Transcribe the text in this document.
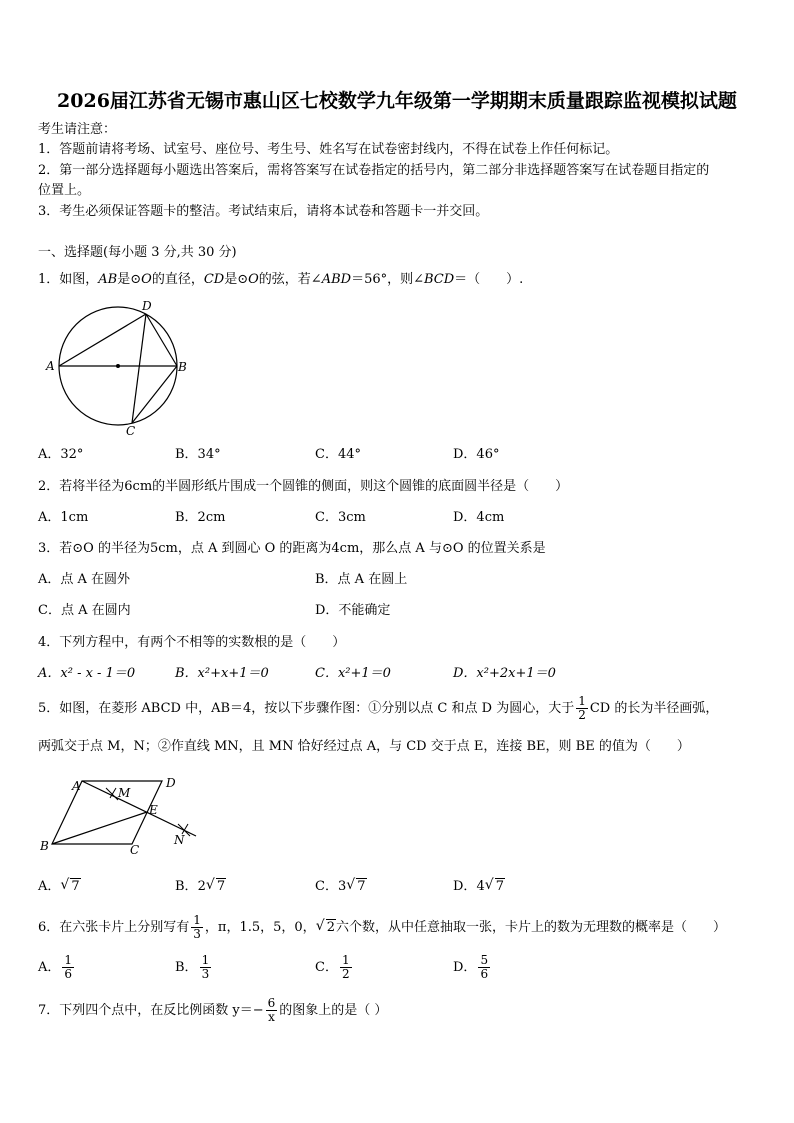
2026届江苏省无锡市惠山区七校数学九年级第一学期期末质量跟踪监视模拟试题
考生请注意：
1．答题前请将考场、试室号、座位号、考生号、姓名写在试卷密封线内，不得在试卷上作任何标记。
2．第一部分选择题每小题选出答案后，需将答案写在试卷指定的括号内，第二部分非选择题答案写在试卷题目指定的
位置上。
3．考生必须保证答题卡的整洁。考试结束后，请将本试卷和答题卡一并交回。
一、选择题(每小题 3 分,共 30 分)
1．如图，AB是⊙O的直径，CD是⊙O的弦，若∠ABD＝56°，则∠BCD＝（　　）.
A	B
C
D
A．32°	B．34°	C．44°	D．46°
2．若将半径为6cm的半圆形纸片围成一个圆锥的侧面，则这个圆锥的底面圆半径是（　　）
A．1cm	B．2cm	C．3cm	D．4cm
3．若⊙O 的半径为5cm，点 A 到圆心 O 的距离为4cm，那么点 A 与⊙O 的位置关系是
A．点 A 在圆外	B．点 A 在圆上
C．点 A 在圆内	D．不能确定
4．下列方程中，有两个不相等的实数根的是（　　）
A．x² - x - 1＝0	B．x²+x+1＝0	C．x²+1＝0	D．x²+2x+1＝0
5．如图，在菱形 ABCD 中，AB＝4，按以下步骤作图：①分别以点 C 和点 D 为圆心，大于 $\frac{1}{2}$ CD 的长为半径画弧，
两弧交于点 M，N；②作直线 MN，且 MN 恰好经过点 A，与 CD 交于点 E，连接 BE，则 BE 的值为（　　）
A	D
M
E
B	C
N
A． √ 7	B．2 √ 7	C．3 √ 7	D．4 √ 7
6．在六张卡片上分别写有 $\frac{1}{3}$ ，π，1.5，5，0， √ 2六个数，从中任意抽取一张，卡片上的数为无理数的概率是（　　）
A． $\frac{1}{6}$	B． $\frac{1}{3}$	C． $\frac{1}{2}$	D． $\frac{5}{6}$
7．下列四个点中，在反比例函数 $y=- \frac{6}{x}$ 的图象上的是（ ）
